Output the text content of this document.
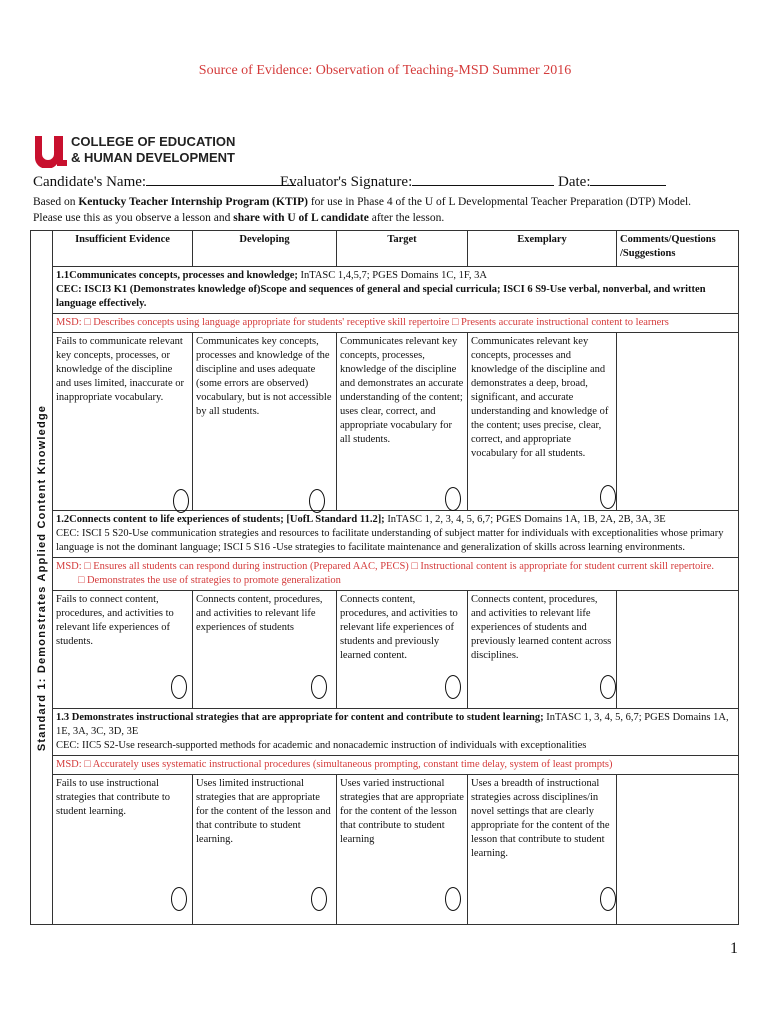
Source of Evidence: Observation of Teaching-MSD Summer 2016
OF
COLLEGE OF EDUCATION
& HUMAN DEVELOPMENT
Candidate's Name:	Evaluator's Signature:	Date:
Based on Kentucky Teacher Internship Program (KTIP) for use in Phase 4 of the U of L Developmental Teacher Preparation (DTP) Model.
Please use this as you observe a lesson and share with U of L candidate after the lesson.
Standard 1: Demonstrates Applied Content Knowledge	Insufficient Evidence	Developing	Target	Exemplary	Comments/Questions /Suggestions

	1.1Communicates concepts, processes and knowledge; InTASC 1,4,5,7; PGES Domains 1C, 1F, 3A
CEC: ISCI3 K1 (Demonstrates knowledge of)Scope and sequences of general and special curricula; ISCI 6 S9-Use verbal, nonverbal, and written language effectively.				

	MSD: □ Describes concepts using language appropriate for students' receptive skill repertoire □ Presents accurate instructional content to learners				

	Fails to communicate relevant key concepts, processes, or knowledge of the discipline and uses limited, inaccurate or inappropriate vocabulary.	Communicates key concepts, processes and knowledge of the discipline and uses adequate (some errors are observed) vocabulary, but is not accessible by all students.	Communicates relevant key concepts, processes, knowledge of the discipline and demonstrates an accurate understanding of the content; uses clear, correct, and appropriate vocabulary for all students.	Communicates relevant key concepts, processes and knowledge of the discipline and demonstrates a deep, broad, significant, and accurate understanding and knowledge of the content; uses precise, clear, correct, and appropriate vocabulary for all students.	

	1.2Connects content to life experiences of students; [UofL Standard 11.2]; InTASC 1, 2, 3, 4, 5, 6,7; PGES Domains 1A, 1B, 2A, 2B, 3A, 3E
CEC: ISCI 5 S20-Use communication strategies and resources to facilitate understanding of subject matter for individuals with exceptionalities whose primary language is not the dominant language; ISCI 5 S16 -Use strategies to facilitate maintenance and generalization of skills across learning environments.				

	MSD: □ Ensures all students can respond during instruction (Prepared AAC, PECS) □ Instructional content is appropriate for student current skill repertoire.
□ Demonstrates the use of strategies to promote generalization				

	Fails to connect content, procedures, and activities to relevant life experiences of students.	Connects content, procedures, and activities to relevant life experiences of students	Connects content, procedures, and activities to relevant life experiences of students and previously learned content.	Connects content, procedures, and activities to relevant life experiences of students and previously learned content across disciplines.	

	1.3 Demonstrates instructional strategies that are appropriate for content and contribute to student learning; InTASC 1, 3, 4, 5, 6,7; PGES Domains 1A, 1E, 3A, 3C, 3D, 3E
CEC: IIC5 S2-Use research-supported methods for academic and nonacademic instruction of individuals with exceptionalities				

	MSD: □ Accurately uses systematic instructional procedures (simultaneous prompting, constant time delay, system of least prompts)				

	Fails to use instructional strategies that contribute to student learning.	Uses limited instructional strategies that are appropriate for the content of the lesson and that contribute to student learning.	Uses varied instructional strategies that are appropriate for the content of the lesson that contribute to student learning	Uses a breadth of instructional strategies across disciplines/in novel settings that are clearly appropriate for the content of the lesson that contribute to student learning.	

1
